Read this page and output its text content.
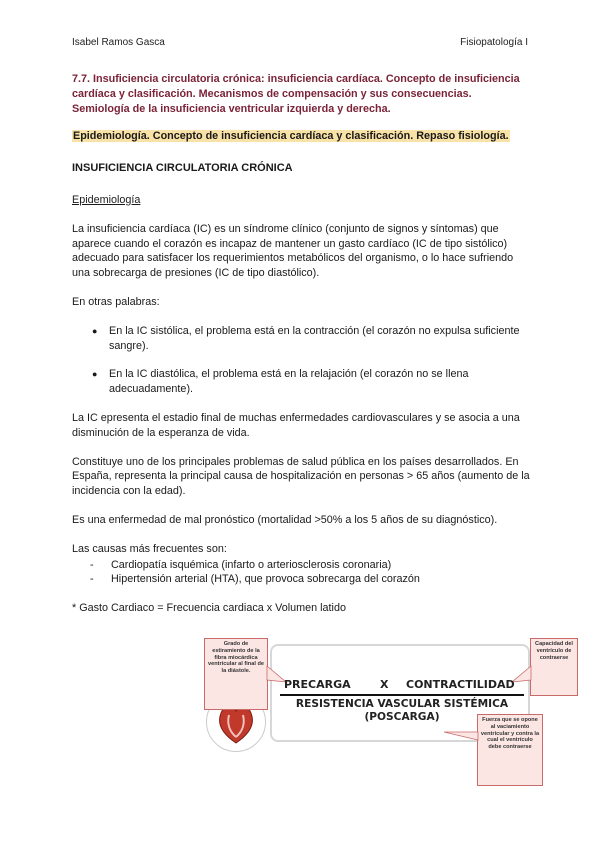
Isabel Ramos Gasca	Fisiopatología I

7.7. Insuficiencia circulatoria crónica: insuficiencia cardíaca. Concepto de insuficiencia cardíaca y clasificación. Mecanismos de compensación y sus consecuencias. Semiología de la insuficiencia ventricular izquierda y derecha.

Epidemiología. Concepto de insuficiencia cardíaca y clasificación. Repaso fisiología.

INSUFICIENCIA CIRCULATORIA CRÓNICA

Epidemiología

La insuficiencia cardíaca (IC) es un síndrome clínico (conjunto de signos y síntomas) que aparece cuando el corazón es incapaz de mantener un gasto cardíaco (IC de tipo sistólico) adecuado para satisfacer los requerimientos metabólicos del organismo, o lo hace sufriendo una sobrecarga de presiones (IC de tipo diastólico).

En otras palabras:

● En la IC sistólica, el problema está en la contracción (el corazón no expulsa suficiente sangre).
● En la IC diastólica, el problema está en la relajación (el corazón no se llena adecuadamente).

La IC epresenta el estadio final de muchas enfermedades cardiovasculares y se asocia a una disminución de la esperanza de vida.

Constituye uno de los principales problemas de salud pública en los países desarrollados. En España, representa la principal causa de hospitalización en personas > 65 años (aumento de la incidencia con la edad).

Es una enfermedad de mal pronóstico (mortalidad >50% a los 5 años de su diagnóstico).

Las causas más frecuentes son:

- Cardiopatía isquémica (infarto o arteriosclerosis coronaria)
- Hipertensión arterial (HTA), que provoca sobrecarga del corazón

* Gasto Cardiaco = Frecuencia cardiaca x Volumen latido

Grado de estiramiento de la fibra miocárdica ventricular al final de la diástole.
Capacidad del ventrículo de contraerse
Fuerza que se opone al vaciamiento ventricular y contra la cual el ventrículo debe contraerse
PRECARGA	X CONTRACTILIDAD
RESISTENCIA VASCULAR SISTÉMICA (POSCARGA)
